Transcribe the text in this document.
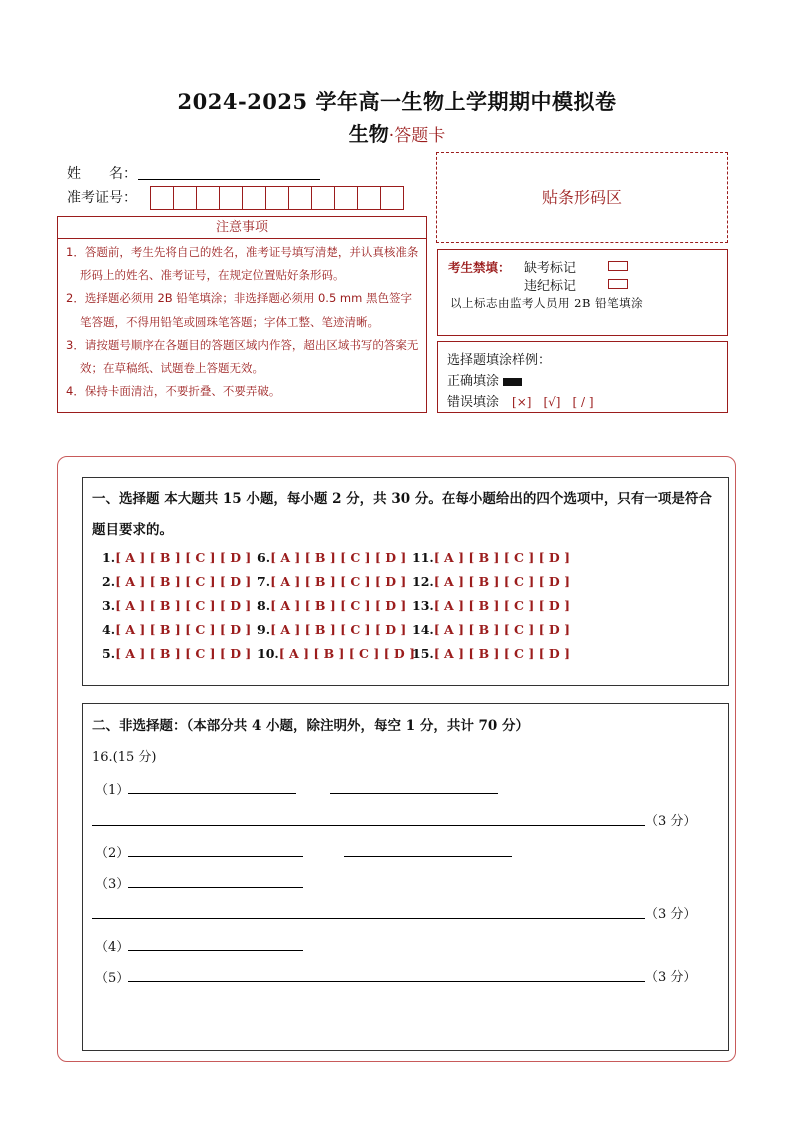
2024-2025 学年高一生物上学期期中模拟卷
生物·答题卡
姓　　名：
准考证号：
注意事项

1．答题前，考生先将自己的姓名，准考证号填写清楚，并认真核准条形码上的姓名、准考证号，在规定位置贴好条形码。

2．选择题必须用 2B 铅笔填涂；非选择题必须用 0.5 mm 黑色签字笔答题，不得用铅笔或圆珠笔答题；字体工整、笔迹清晰。

3．请按题号顺序在各题目的答题区域内作答，超出区域书写的答案无效；在草稿纸、试题卷上答题无效。

4．保持卡面清洁，不要折叠、不要弄破。

贴条形码区
考生禁填： 缺考标记
违纪标记
以上标志由监考人员用 2B 铅笔填涂
选择题填涂样例：
正确填涂
错误填涂　 [×]　[√]　[ / ]
一、选择题 本大题共 15 小题，每小题 2 分，共 30 分。在每小题给出的四个选项中，只有一项是符合
题目要求的。
1.[ A ] [ B ] [ C ] [ D ]
2.[ A ] [ B ] [ C ] [ D ]
3.[ A ] [ B ] [ C ] [ D ]
4.[ A ] [ B ] [ C ] [ D ]
5.[ A ] [ B ] [ C ] [ D ]
6.[ A ] [ B ] [ C ] [ D ]
7.[ A ] [ B ] [ C ] [ D ]
8.[ A ] [ B ] [ C ] [ D ]
9.[ A ] [ B ] [ C ] [ D ]
10.[ A ] [ B ] [ C ] [ D ]
11.[ A ] [ B ] [ C ] [ D ]
12.[ A ] [ B ] [ C ] [ D ]
13.[ A ] [ B ] [ C ] [ D ]
14.[ A ] [ B ] [ C ] [ D ]
15.[ A ] [ B ] [ C ] [ D ]
二、非选择题：（本部分共 4 小题，除注明外，每空 1 分，共计 70 分）
16.(15 分)
（1）
（3 分）
（2）
（3）
（3 分）
（4）
（5）	（3 分）
